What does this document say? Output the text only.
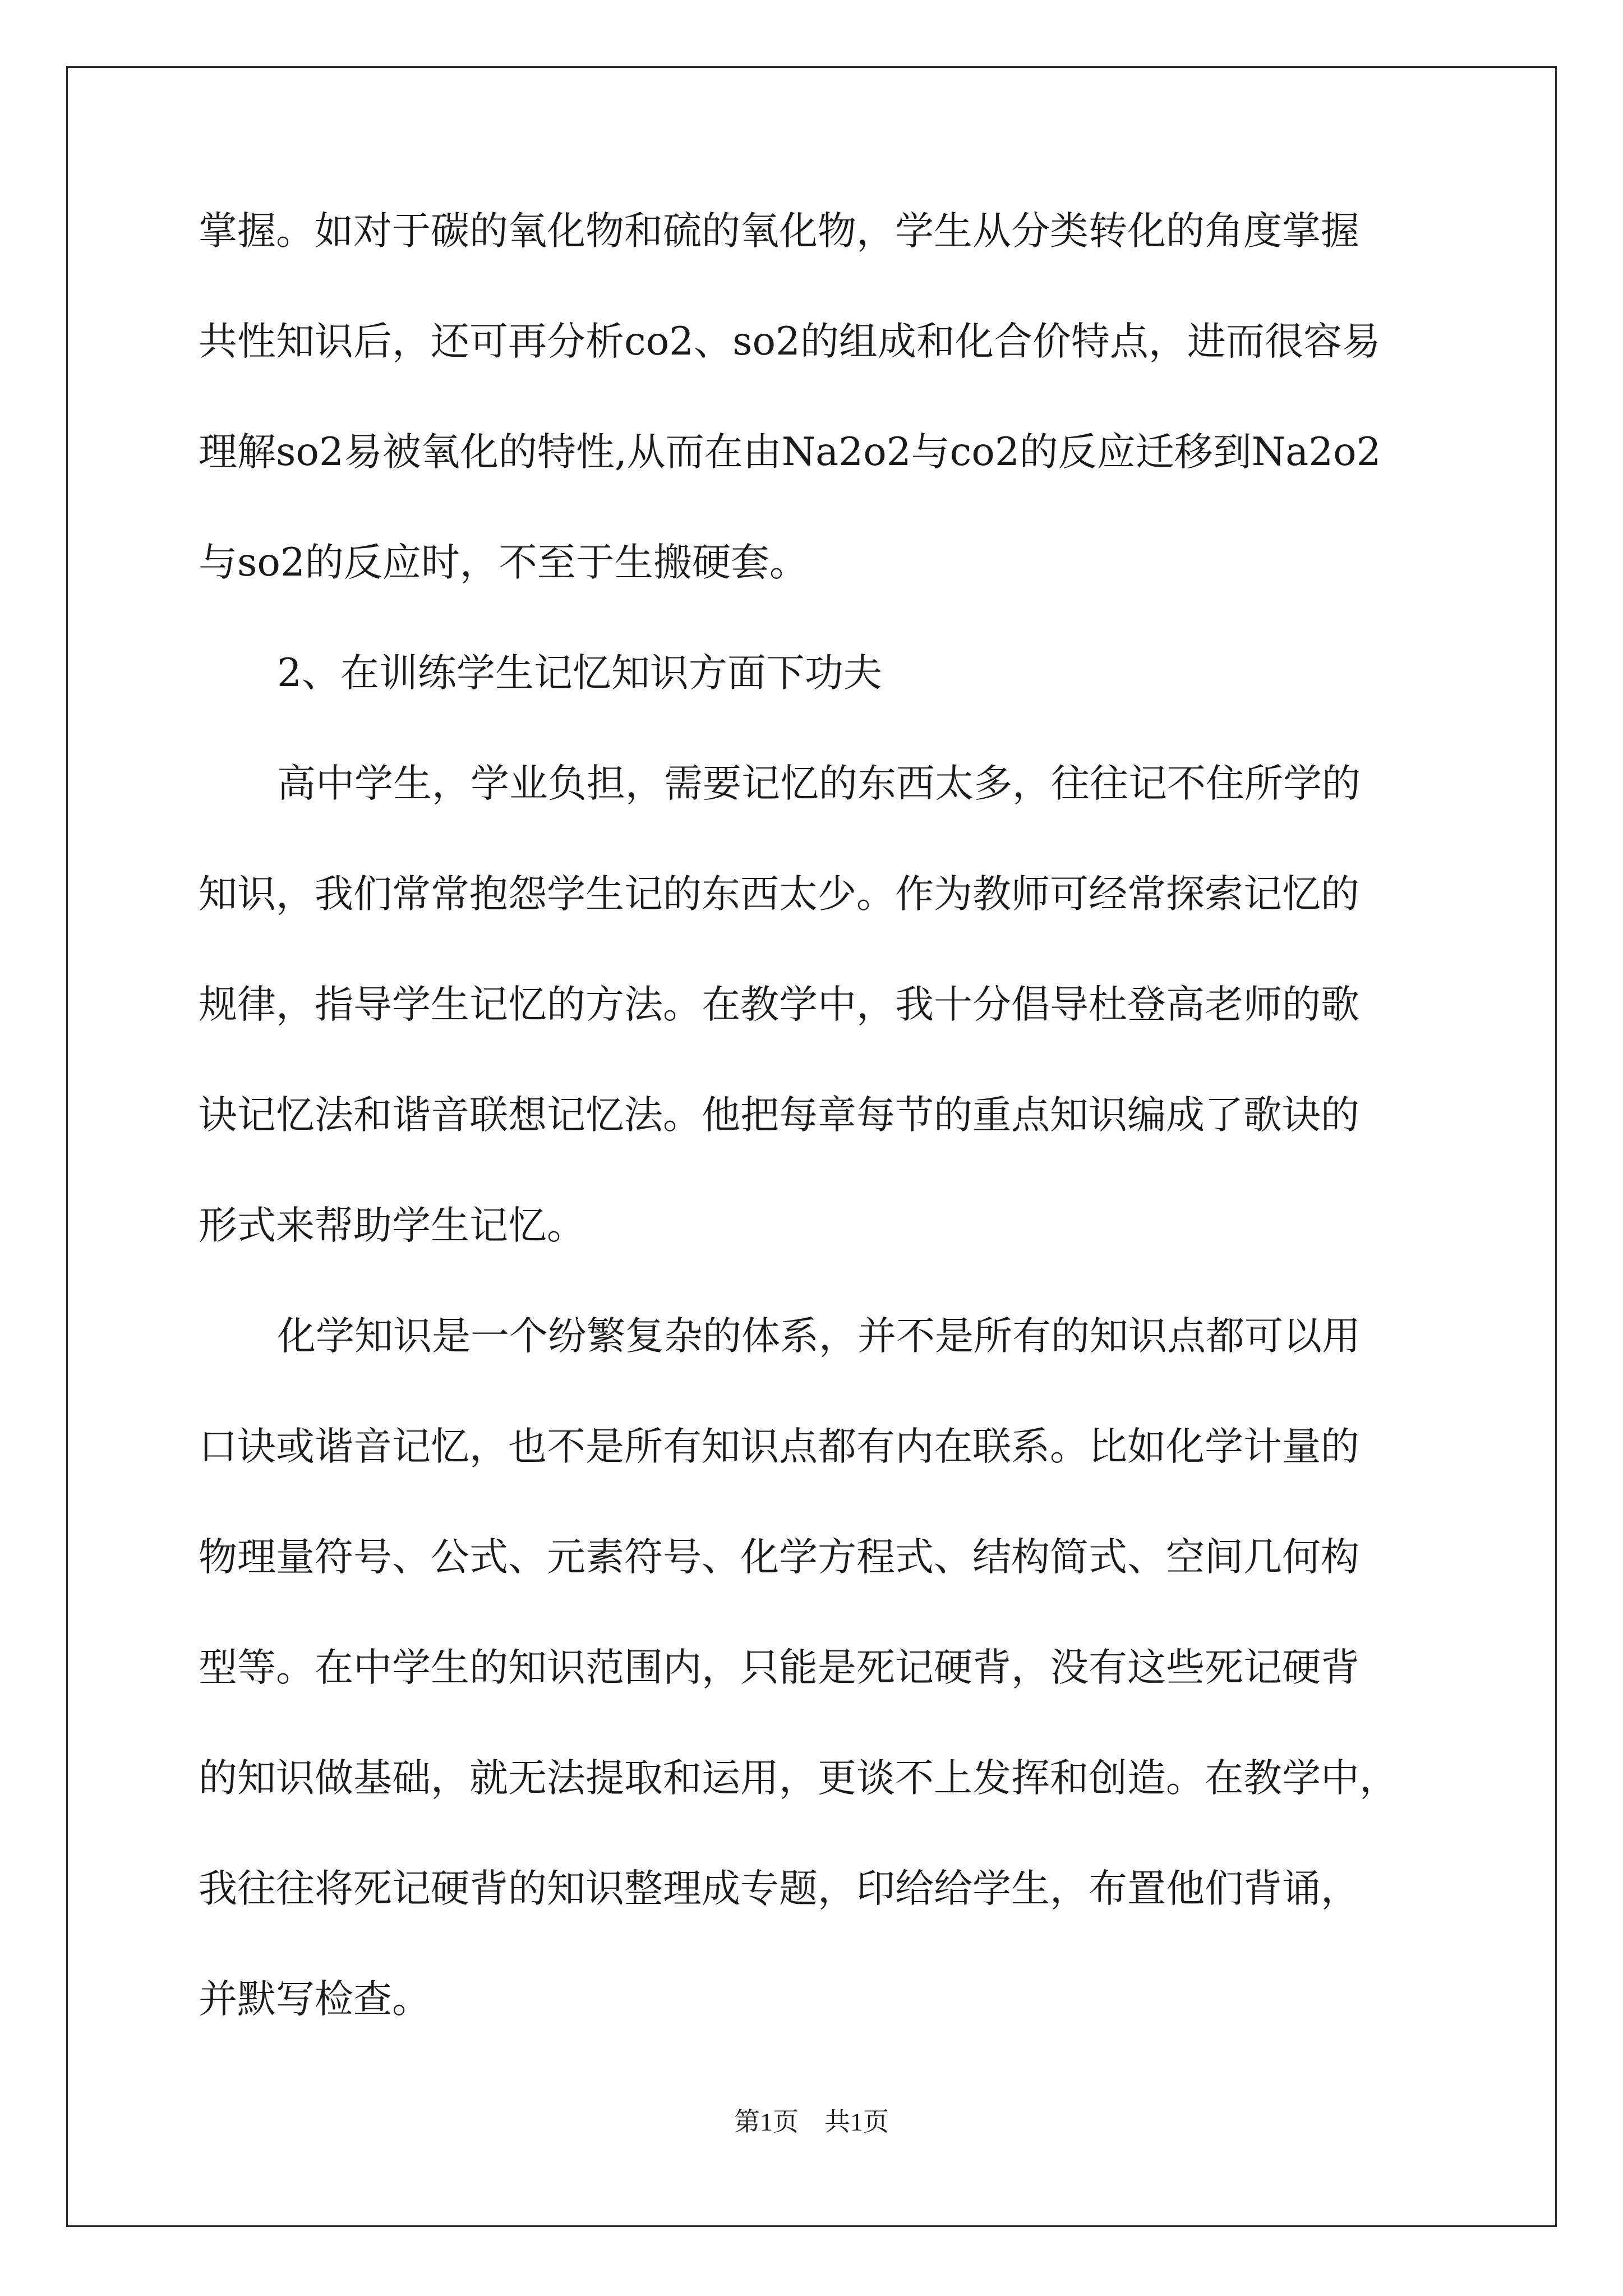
掌握。如对于碳的氧化物和硫的氧化物，学生从分类转化的角度掌握
共性知识后，还可再分析co2、so2的组成和化合价特点，进而很容易
理解so2易被氧化的特性,从而在由Na2o2与co2的反应迁移到Na2o2
与so2的反应时，不至于生搬硬套。
2、在训练学生记忆知识方面下功夫
高中学生，学业负担，需要记忆的东西太多，往往记不住所学的
知识，我们常常抱怨学生记的东西太少。作为教师可经常探索记忆的
规律，指导学生记忆的方法。在教学中，我十分倡导杜登高老师的歌
诀记忆法和谐音联想记忆法。他把每章每节的重点知识编成了歌诀的
形式来帮助学生记忆。
化学知识是一个纷繁复杂的体系，并不是所有的知识点都可以用
口诀或谐音记忆，也不是所有知识点都有内在联系。比如化学计量的
物理量符号、公式、元素符号、化学方程式、结构简式、空间几何构
型等。在中学生的知识范围内，只能是死记硬背，没有这些死记硬背
的知识做基础，就无法提取和运用，更谈不上发挥和创造。在教学中，
我往往将死记硬背的知识整理成专题，印给给学生，布置他们背诵，
并默写检查。
第1页　共1页
